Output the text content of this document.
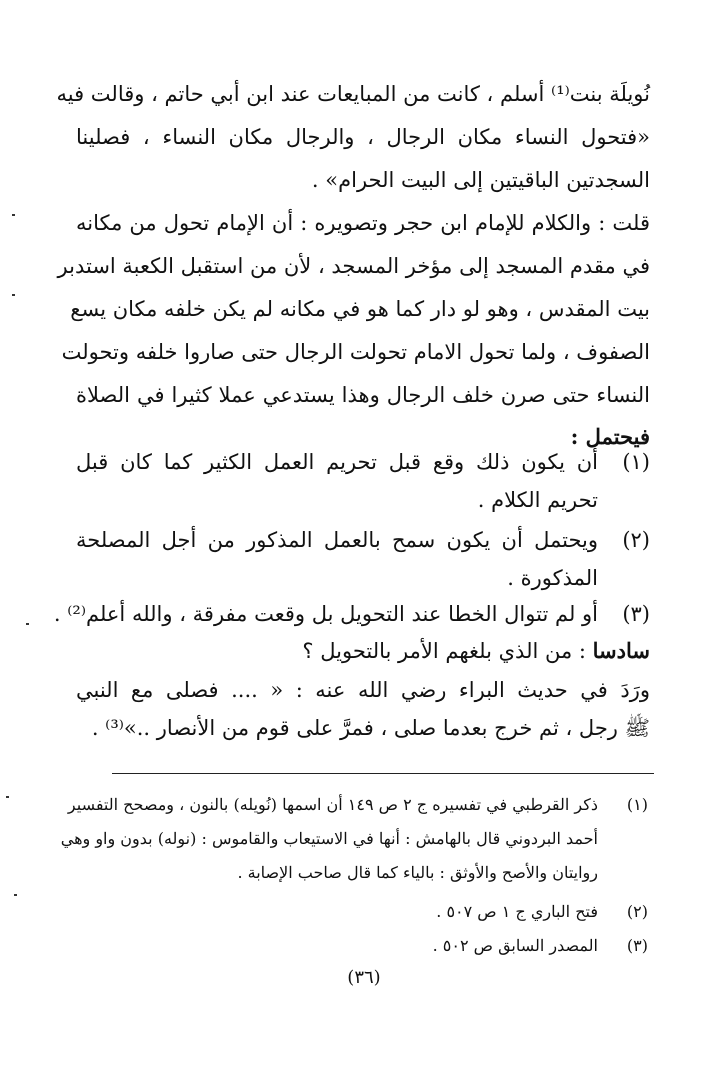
نُويلَة بنت⁽¹⁾ أسلم ، كانت من المبايعات عند ابن أبي حاتم ، وقالت فيه
«فتحول النساء مكان الرجال ، والرجال مكان النساء ، فصلينا
السجدتين الباقيتين إلى البيت الحرام» .
قلت : والكلام للإمام ابن حجر وتصويره : أن الإمام تحول من مكانه
في مقدم المسجد إلى مؤخر المسجد ، لأن من استقبل الكعبة استدبر
بيت المقدس ، وهو لو دار كما هو في مكانه لم يكن خلفه مكان يسع
الصفوف ، ولما تحول الامام تحولت الرجال حتى صاروا خلفه وتحولت
النساء حتى صرن خلف الرجال وهذا يستدعي عملا كثيرا في الصلاة
فيحتمل :
(١)
أن يكون ذلك وقع قبل تحريم العمل الكثير كما كان قبل
تحريم الكلام .
(٢)
ويحتمل أن يكون سمح بالعمل المذكور من أجل المصلحة
المذكورة .
(٣)
أو لم تتوال الخطا عند التحويل بل وقعت مفرقة ، والله أعلم⁽²⁾ .
سادسا : من الذي بلغهم الأمر بالتحويل ؟
ورَدَ في حديث البراء رضي الله عنه : « .... فصلى مع النبي
ﷺ رجل ، ثم خرج بعدما صلى ، فمرَّ على قوم من الأنصار ..»⁽³⁾ .
(١)
ذكر القرطبي في تفسيره ج ٢ ص ١٤٩ أن اسمها (نُويله) بالنون ، ومصحح التفسير
أحمد البردوني قال بالهامش : أنها في الاستيعاب والقاموس : (نوله) بدون واو وهي
روايتان والأصح والأوثق : بالياء كما قال صاحب الإصابة .
(٢)
فتح الباري ج ١ ص ٥٠٧ .
(٣)
المصدر السابق ص ٥٠٢ .
(٣٦)
